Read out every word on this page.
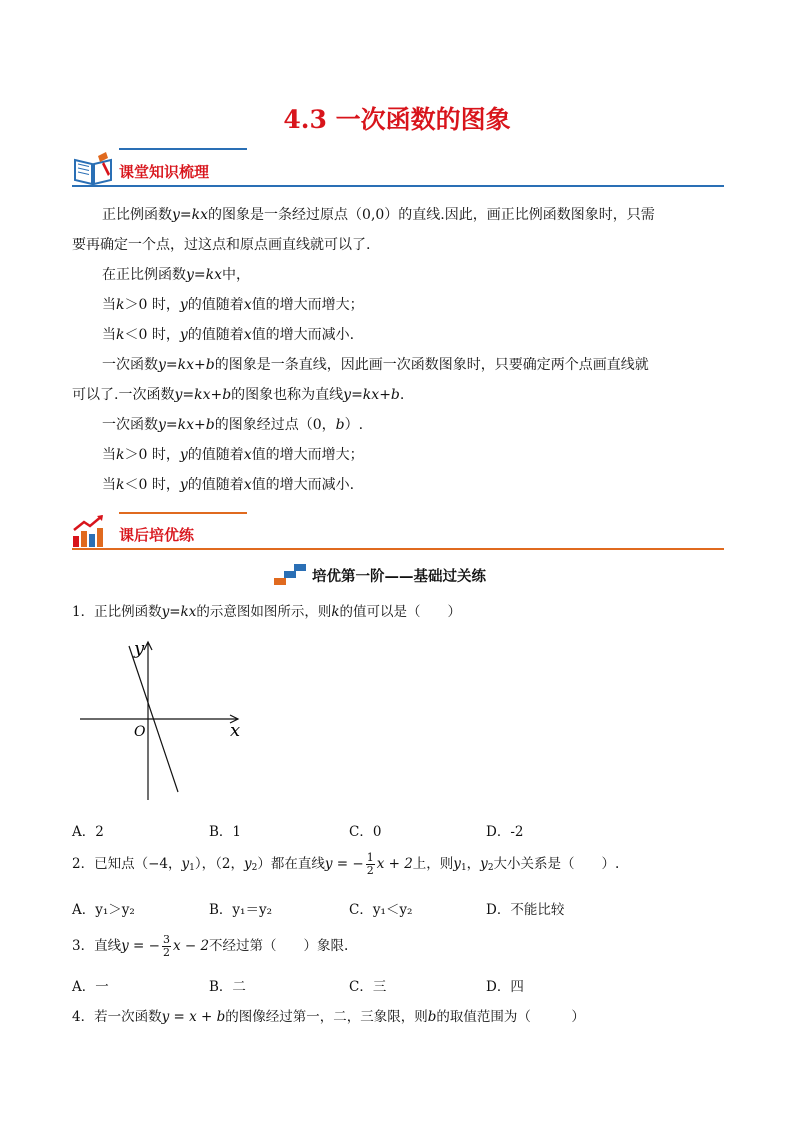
4.3 一次函数的图象
课堂知识梳理
正比例函数y=kx的图象是一条经过原点（0,0）的直线.因此，画正比例函数图象时，只需
要再确定一个点，过这点和原点画直线就可以了.
在正比例函数y=kx中，
当k＞0 时，y的值随着x值的增大而增大；
当k＜0 时，y的值随着x值的增大而减小.
一次函数y=kx+b的图象是一条直线，因此画一次函数图象时，只要确定两个点画直线就
可以了.一次函数y=kx+b的图象也称为直线y=kx+b.
一次函数y=kx+b的图象经过点（0，b）.
当k＞0 时，y的值随着x值的增大而增大；
当k＜0 时，y的值随着x值的增大而减小.
课后培优练
培优第一阶——基础过关练
1．正比例函数y=kx的示意图如图所示，则k的值可以是（　　）
y
x
O
A．2	B．1	C．0	D．-2
2．已知点（−4，$y_1$），（2，$y_2$）都在直线y = − $\frac{1}{2}$ x + 2上，则$y_1$，$y_2$大小关系是（　　）.
A．y₁＞y₂	B．y₁＝y₂	C．y₁＜y₂	D．不能比较
3．直线y = − $\frac{3}{2}$ x − 2不经过第（　　）象限.
A．一	B．二	C．三	D．四
4．若一次函数y = x + b的图像经过第一，二，三象限，则b的取值范围为（　　　）
